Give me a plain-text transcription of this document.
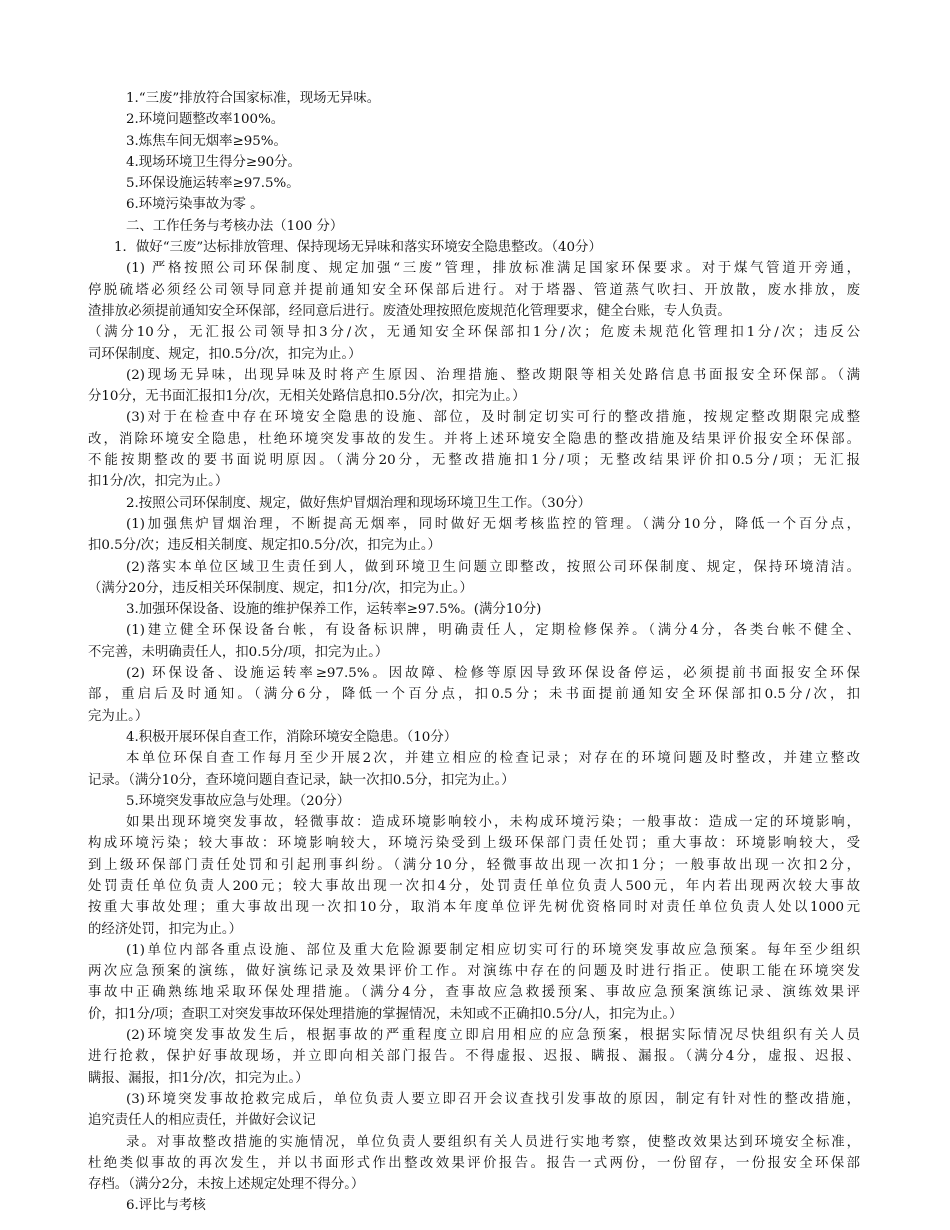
1.“三废”排放符合国家标准，现场无异味。
2.环境问题整改率100%。
3.炼焦车间无烟率≥95%。
4.现场环境卫生得分≥90分。
5.环保设施运转率≥97.5%。
6.环境污染事故为零 。
二、工作任务与考核办法（100 分）
1．做好“三废”达标排放管理、保持现场无异味和落实环境安全隐患整改。（40分）
(1) 严格按照公司环保制度、规定加强“三废”管理，排放标准满足国家环保要求。对于煤气管道开旁通，
停脱硫塔必须经公司领导同意并提前通知安全环保部后进行。对于塔器、管道蒸气吹扫、开放散，废水排放，废
渣排放必须提前通知安全环保部，经同意后进行。废渣处理按照危废规范化管理要求，健全台账，专人负责。
（满分10分，无汇报公司领导扣3分/次，无通知安全环保部扣1分/次；危废未规范化管理扣1分/次；违反公
司环保制度、规定，扣0.5分/次，扣完为止。）
(2)现场无异味，出现异味及时将产生原因、治理措施、整改期限等相关处路信息书面报安全环保部。（满
分10分，无书面汇报扣1分/次，无相关处路信息扣0.5分/次，扣完为止。）
(3)对于在检查中存在环境安全隐患的设施、部位，及时制定切实可行的整改措施，按规定整改期限完成整
改，消除环境安全隐患，杜绝环境突发事故的发生。并将上述环境安全隐患的整改措施及结果评价报安全环保部。
不能按期整改的要书面说明原因。（满分20分，无整改措施扣1分/项；无整改结果评价扣0.5分/项；无汇报
扣1分/次，扣完为止。）
2.按照公司环保制度、规定，做好焦炉冒烟治理和现场环境卫生工作。（30分）
(1)加强焦炉冒烟治理，不断提高无烟率，同时做好无烟考核监控的管理。（满分10分，降低一个百分点，
扣0.5分/次；违反相关制度、规定扣0.5分/次，扣完为止。）
(2)落实本单位区域卫生责任到人，做到环境卫生问题立即整改，按照公司环保制度、规定，保持环境清洁。
（满分20分，违反相关环保制度、规定，扣1分/次，扣完为止。）
3.加强环保设备、设施的维护保养工作，运转率≥97.5%。(满分10分)
(1)建立健全环保设备台帐，有设备标识牌，明确责任人，定期检修保养。（满分4分，各类台帐不健全、
不完善，未明确责任人，扣0.5分/项，扣完为止。）
(2) 环保设备、设施运转率≥97.5%。因故障、检修等原因导致环保设备停运，必须提前书面报安全环保
部，重启后及时通知。（满分6分，降低一个百分点，扣0.5分；未书面提前通知安全环保部扣0.5分/次，扣
完为止。）
4.积极开展环保自查工作，消除环境安全隐患。（10分）
本单位环保自查工作每月至少开展2次，并建立相应的检查记录；对存在的环境问题及时整改，并建立整改
记录。（满分10分，查环境问题自查记录，缺一次扣0.5分，扣完为止。）
5.环境突发事故应急与处理。（20分）
如果出现环境突发事故，轻微事故：造成环境影响较小，未构成环境污染；一般事故：造成一定的环境影响，
构成环境污染；较大事故：环境影响较大，环境污染受到上级环保部门责任处罚；重大事故：环境影响较大，受
到上级环保部门责任处罚和引起刑事纠纷。（满分10分，轻微事故出现一次扣1分；一般事故出现一次扣2分，
处罚责任单位负责人200元；较大事故出现一次扣4分，处罚责任单位负责人500元，年内若出现两次较大事故
按重大事故处理；重大事故出现一次扣10分，取消本年度单位评先树优资格同时对责任单位负责人处以1000元
的经济处罚，扣完为止。）
(1)单位内部各重点设施、部位及重大危险源要制定相应切实可行的环境突发事故应急预案。每年至少组织
两次应急预案的演练，做好演练记录及效果评价工作。对演练中存在的问题及时进行指正。使职工能在环境突发
事故中正确熟练地采取环保处理措施。（满分4分，查事故应急救援预案、事故应急预案演练记录、演练效果评
价，扣1分/项；查职工对突发事故环保处理措施的掌握情况，未知或不正确扣0.5分/人，扣完为止。）
(2)环境突发事故发生后，根据事故的严重程度立即启用相应的应急预案，根据实际情况尽快组织有关人员
进行抢救，保护好事故现场，并立即向相关部门报告。不得虚报、迟报、瞒报、漏报。（满分4分，虚报、迟报、
瞒报、漏报，扣1分/次，扣完为止。）
(3)环境突发事故抢救完成后，单位负责人要立即召开会议查找引发事故的原因，制定有针对性的整改措施，
追究责任人的相应责任，并做好会议记
录。对事故整改措施的实施情况，单位负责人要组织有关人员进行实地考察，使整改效果达到环境安全标准，
杜绝类似事故的再次发生，并以书面形式作出整改效果评价报告。报告一式两份，一份留存，一份报安全环保部
存档。（满分2分，未按上述规定处理不得分。）
6.评比与考核
